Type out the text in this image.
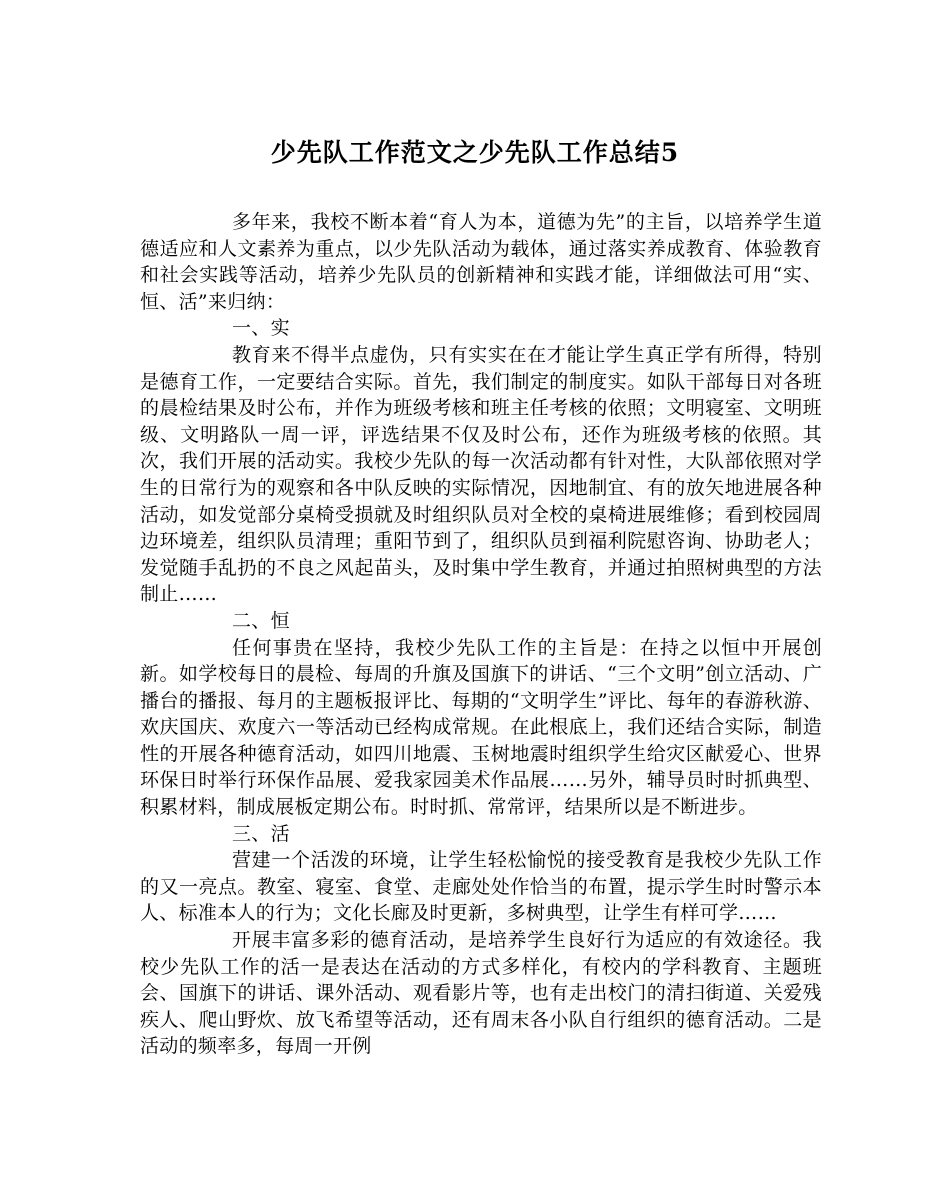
少先队工作范文之少先队工作总结5

多年来，我校不断本着“育人为本，道德为先”的主旨，以培养学生道德适应和人文素养为重点，以少先队活动为载体，通过落实养成教育、体验教育和社会实践等活动，培养少先队员的创新精神和实践才能，详细做法可用“实、恒、活”来归纳：

一、实

教育来不得半点虚伪，只有实实在在才能让学生真正学有所得，特别是德育工作，一定要结合实际。首先，我们制定的制度实。如队干部每日对各班的晨检结果及时公布，并作为班级考核和班主任考核的依照；文明寝室、文明班级、文明路队一周一评，评选结果不仅及时公布，还作为班级考核的依照。其次，我们开展的活动实。我校少先队的每一次活动都有针对性，大队部依照对学生的日常行为的观察和各中队反映的实际情况，因地制宜、有的放矢地进展各种活动，如发觉部分桌椅受损就及时组织队员对全校的桌椅进展维修；看到校园周边环境差，组织队员清理；重阳节到了，组织队员到福利院慰咨询、协助老人；发觉随手乱扔的不良之风起苗头，及时集中学生教育，并通过拍照树典型的方法制止……

二、恒

任何事贵在坚持，我校少先队工作的主旨是：在持之以恒中开展创新。如学校每日的晨检、每周的升旗及国旗下的讲话、“三个文明”创立活动、广播台的播报、每月的主题板报评比、每期的“文明学生”评比、每年的春游秋游、欢庆国庆、欢度六一等活动已经构成常规。在此根底上，我们还结合实际，制造性的开展各种德育活动，如四川地震、玉树地震时组织学生给灾区献爱心、世界环保日时举行环保作品展、爱我家园美术作品展……另外，辅导员时时抓典型、积累材料，制成展板定期公布。时时抓、常常评，结果所以是不断进步。

三、活

营建一个活泼的环境，让学生轻松愉悦的接受教育是我校少先队工作的又一亮点。教室、寝室、食堂、走廊处处作恰当的布置，提示学生时时警示本人、标准本人的行为；文化长廊及时更新，多树典型，让学生有样可学……

开展丰富多彩的德育活动，是培养学生良好行为适应的有效途径。我校少先队工作的活一是表达在活动的方式多样化，有校内的学科教育、主题班会、国旗下的讲话、课外活动、观看影片等，也有走出校门的清扫街道、关爱残疾人、爬山野炊、放飞希望等活动，还有周末各小队自行组织的德育活动。二是活动的频率多，每周一开例
